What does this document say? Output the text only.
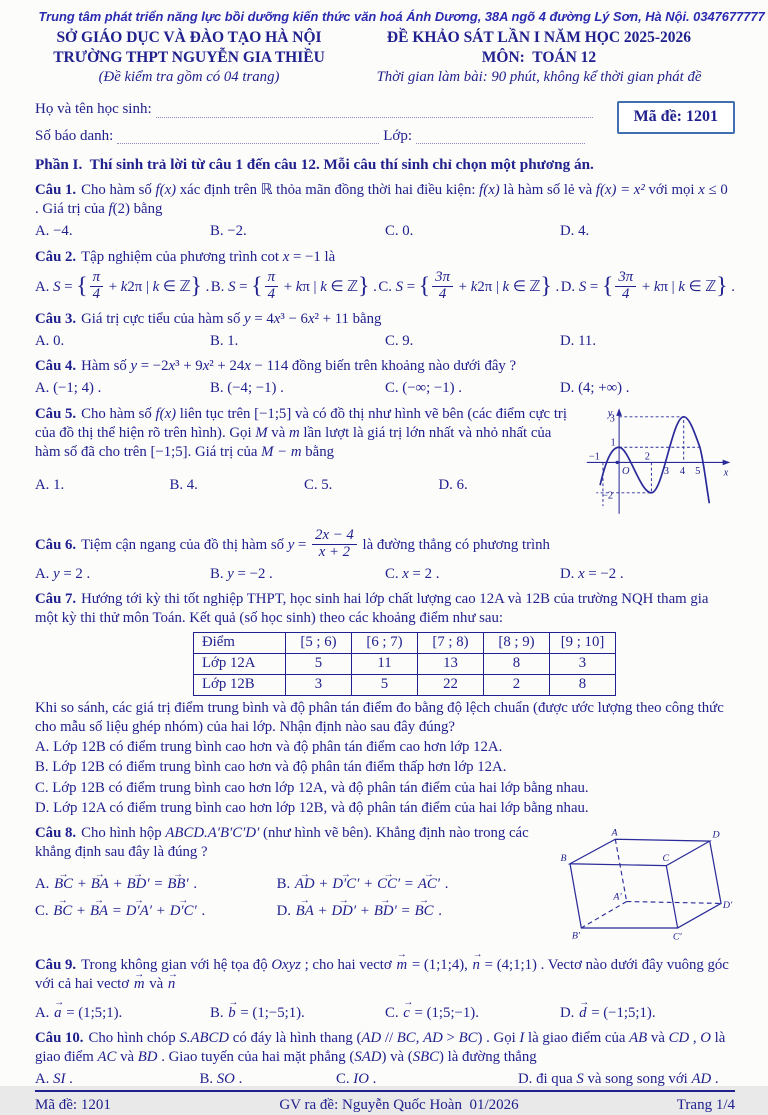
Trung tâm phát triển năng lực bồi dưỡng kiến thức văn hoá Ánh Dương, 38A ngõ 4 đường Lý Sơn, Hà Nội. 0347677777
SỞ GIÁO DỤC VÀ ĐÀO TẠO HÀ NỘI
TRƯỜNG THPT NGUYỄN GIA THIỀU
(Đề kiểm tra gồm có 04 trang)
ĐỀ KHẢO SÁT LẦN I NĂM HỌC 2025-2026
MÔN:  TOÁN 12
Thời gian làm bài: 90 phút, không kể thời gian phát đề
Mã đề: 1201
Họ và tên học sinh:
Số báo danh:	Lớp:
Phần I.  Thí sinh trả lời từ câu 1 đến câu 12. Mỗi câu thí sinh chỉ chọn một phương án.
Câu 1. Cho hàm số f(x) xác định trên ℝ thỏa mãn đồng thời hai điều kiện: f(x) là hàm số lẻ và f(x) = x² với mọi x ≤ 0 . Giá trị của f(2) bằng
A. −4.	B. −2.	C. 0.	D. 4.
Câu 2. Tập nghiệm của phương trình cot x = −1 là
A. S = { $\frac{\pi}{4} + k2\pi$ | k ∈ ℤ} . B. S = { $\frac{\pi}{4} + k\pi$ | k ∈ ℤ} . C. S = { $\frac{3\pi}{4} + k2\pi$ | k ∈ ℤ} . D. S = { $\frac{3\pi}{4} + k\pi$ | k ∈ ℤ} .
Câu 3. Giá trị cực tiểu của hàm số y = 4x³ − 6x² + 11 bằng
A. 0.	B. 1.	C. 9.	D. 11.
Câu 4. Hàm số y = −2x³ + 9x² + 24x − 114 đồng biến trên khoảng nào dưới đây ?
A. (−1; 4) .	B. (−4; −1) .	C. (−∞; −1) .	D. (4; +∞) .
Câu 5. Cho hàm số f(x) liên tục trên [−1;5] và có đồ thị như hình vẽ bên (các điểm cực trị của đồ thị thể hiện rõ trên hình). Gọi M và m lần lượt là giá trị lớn nhất và nhỏ nhất của hàm số đã cho trên [−1;5]. Giá trị của M − m bằng
A. 1.	B. 4.	C. 5.	D. 6.
y
x
O
3
1
−1	2
3 4 5
−2
Câu 6. Tiệm cận ngang của đồ thị hàm số $y = \frac{2x - 4}{x + 2}$ là đường thẳng có phương trình
A. y = 2 .	B. y = −2 .	C. x = 2 .	D. x = −2 .
Câu 7. Hướng tới kỳ thi tốt nghiệp THPT, học sinh hai lớp chất lượng cao 12A và 12B của trường NQH tham gia một kỳ thi thử môn Toán. Kết quả (số học sinh) theo các khoảng điểm như sau:
Điểm	[5 ; 6)	[6 ; 7)	[7 ; 8)	[8 ; 9)	[9 ; 10]
Lớp 12A	5	11	13	8	3
Lớp 12B	3	5	22	2	8
Khi so sánh, các giá trị điểm trung bình và độ phân tán điểm đo bằng độ lệch chuẩn (được ước lượng theo công thức cho mẫu số liệu ghép nhóm) của hai lớp. Nhận định nào sau đây đúng?
A. Lớp 12B có điểm trung bình cao hơn và độ phân tán điểm cao hơn lớp 12A.
B. Lớp 12B có điểm trung bình cao hơn và độ phân tán điểm thấp hơn lớp 12A.
C. Lớp 12B có điểm trung bình cao hơn lớp 12A, và độ phân tán điểm của hai lớp bằng nhau.
D. Lớp 12A có điểm trung bình cao hơn lớp 12B, và độ phân tán điểm của hai lớp bằng nhau.
Câu 8. Cho hình hộp ABCD.A′B′C′D′ (như hình vẽ bên). Khẳng định nào trong các khẳng định sau đây là đúng ?
A. → BC + → BA + → BD′ = → BB′ .	B. → AD + → D′C′ + → CC′ = → AC′ .
C. → BC + → BA = → D′A′ + → D′C′ .	D. → BA + → DD′ + → BD′ = → BC .
A	D
B	C
A′
D′
B′	C′
Câu 9. Trong không gian với hệ tọa độ Oxyz ; cho hai vectơ → m = (1;1;4), → n = (4;1;1) . Vectơ nào dưới đây vuông góc với cả hai vectơ → m và → n
A. → a = (1;5;1).	B. → b = (1;−5;1).	C. → c = (1;5;−1).	D. → d = (−1;5;1).
Câu 10. Cho hình chóp S.ABCD có đáy là hình thang (AD // BC, AD > BC) . Gọi I là giao điểm của AB và CD , O là giao điểm AC và BD . Giao tuyến của hai mặt phẳng (SAD) và (SBC) là đường thẳng
A. SI .	B. SO .	C. IO .	D. đi qua S và song song với AD .
Mã đề: 1201	GV ra đề: Nguyễn Quốc Hoàn  01/2026	Trang 1/4
